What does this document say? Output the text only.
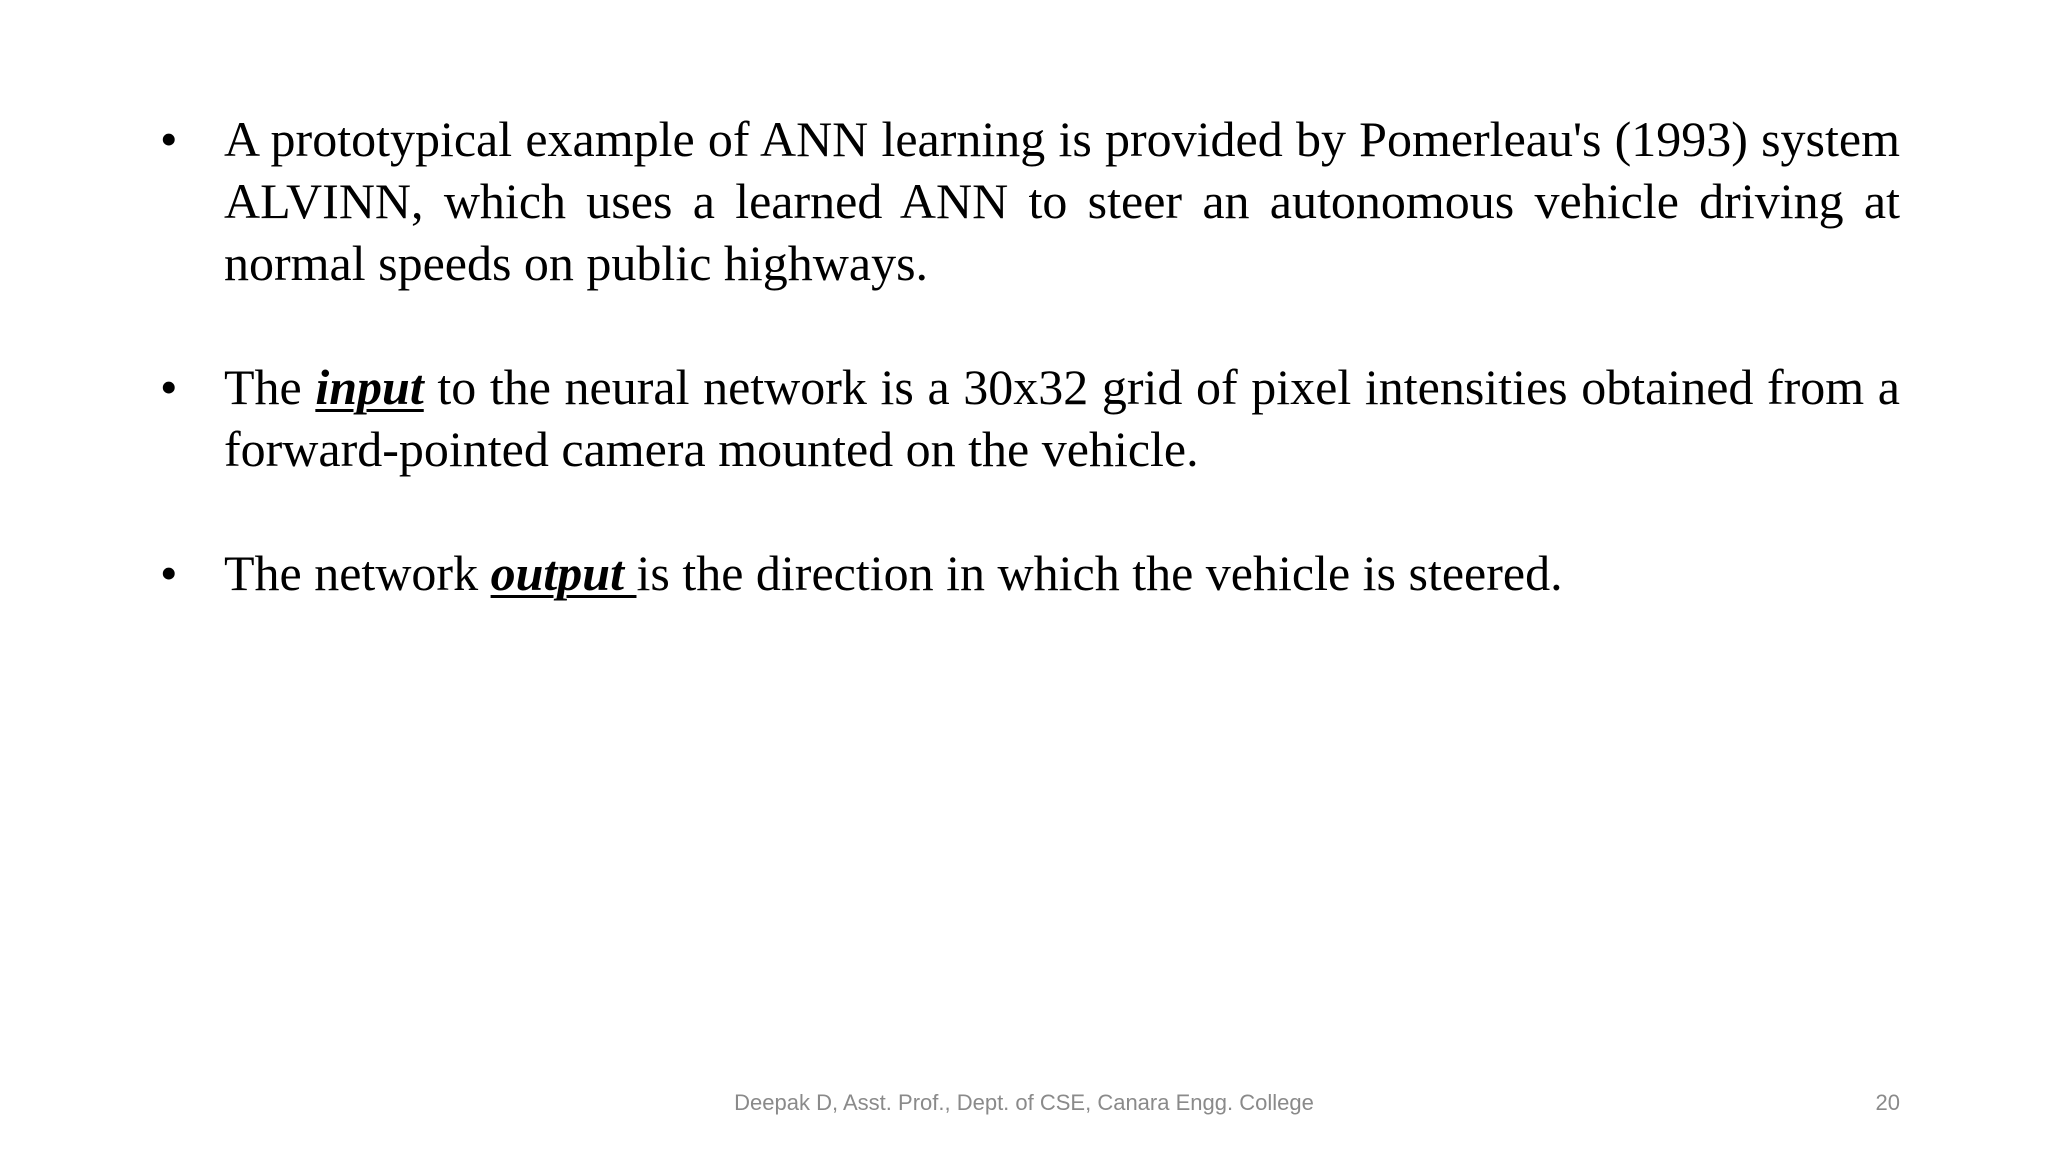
• A prototypical example of ANN learning is provided by Pomerleau's (1993) system ALVINN, which uses a learned ANN to steer an autonomous vehicle driving at normal speeds on public highways.
• The input to the neural network is a 30x32 grid of pixel intensities obtained from a forward-pointed camera mounted on the vehicle.
• The network output is the direction in which the vehicle is steered.
Deepak D, Asst. Prof., Dept. of CSE, Canara Engg. College	20
